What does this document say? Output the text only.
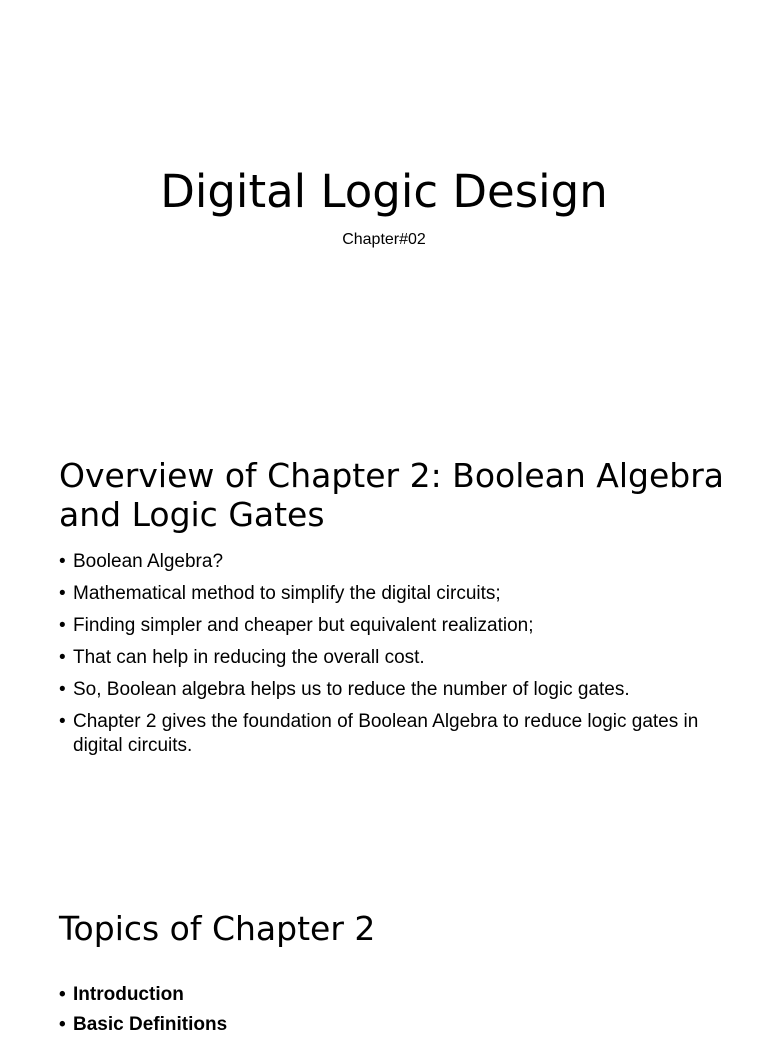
Digital Logic Design

Chapter#02

Overview of Chapter 2: Boolean Algebra and Logic Gates
• Boolean Algebra?
• Mathematical method to simplify the digital circuits;
• Finding simpler and cheaper but equivalent realization;
• That can help in reducing the overall cost.
• So, Boolean algebra helps us to reduce the number of logic gates.
• Chapter 2 gives the foundation of Boolean Algebra to reduce logic gates in digital circuits.
Topics of Chapter 2
• Introduction
• Basic Definitions
